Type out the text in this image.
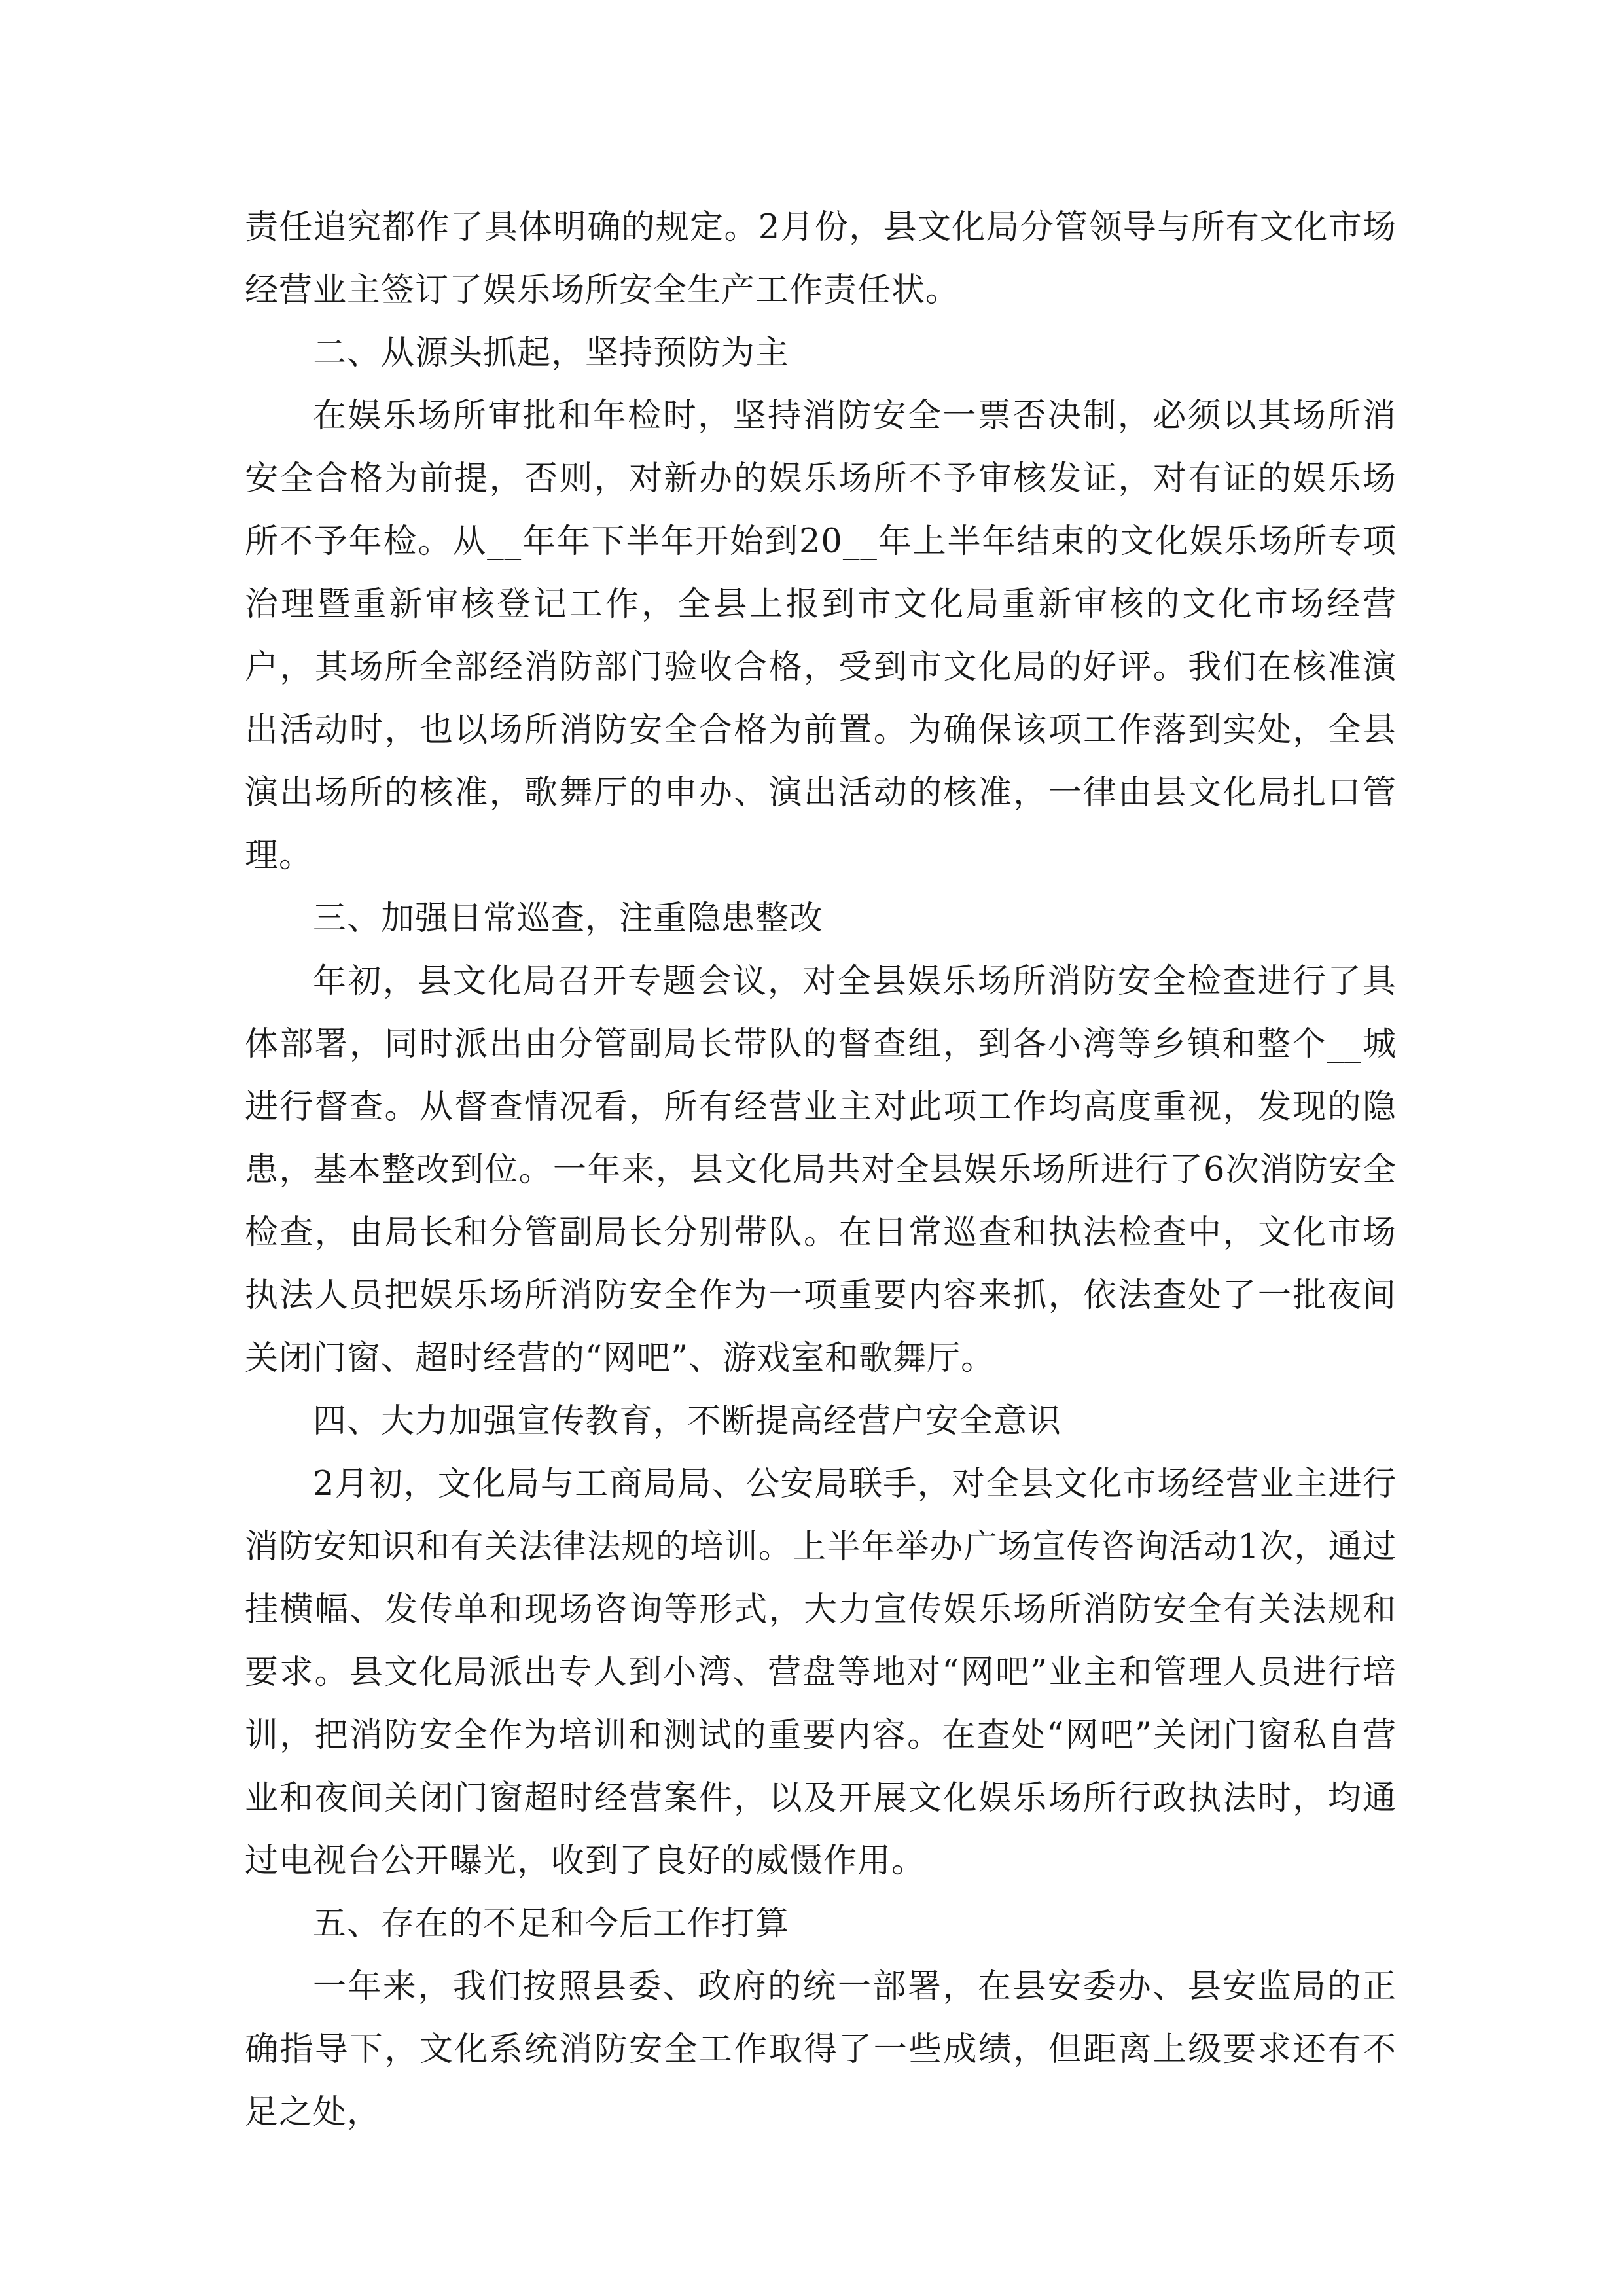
责任追究都作了具体明确的规定。2月份，县文化局分管领导与所有文化市场经营业主签订了娱乐场所安全生产工作责任状。

二、从源头抓起，坚持预防为主

在娱乐场所审批和年检时，坚持消防安全一票否决制，必须以其场所消安全合格为前提，否则，对新办的娱乐场所不予审核发证，对有证的娱乐场所不予年检。从__年年下半年开始到20__年上半年结束的文化娱乐场所专项治理暨重新审核登记工作，全县上报到市文化局重新审核的文化市场经营户，其场所全部经消防部门验收合格，受到市文化局的好评。我们在核准演出活动时，也以场所消防安全合格为前置。为确保该项工作落到实处，全县演出场所的核准，歌舞厅的申办、演出活动的核准，一律由县文化局扎口管理。

三、加强日常巡查，注重隐患整改

年初，县文化局召开专题会议，对全县娱乐场所消防安全检查进行了具体部署，同时派出由分管副局长带队的督查组，到各小湾等乡镇和整个__城进行督查。从督查情况看，所有经营业主对此项工作均高度重视，发现的隐患，基本整改到位。一年来，县文化局共对全县娱乐场所进行了6次消防安全检查，由局长和分管副局长分别带队。在日常巡查和执法检查中，文化市场执法人员把娱乐场所消防安全作为一项重要内容来抓，依法查处了一批夜间关闭门窗、超时经营的“网吧”、游戏室和歌舞厅。

四、大力加强宣传教育，不断提高经营户安全意识

2月初，文化局与工商局局、公安局联手，对全县文化市场经营业主进行消防安知识和有关法律法规的培训。上半年举办广场宣传咨询活动1次，通过挂横幅、发传单和现场咨询等形式，大力宣传娱乐场所消防安全有关法规和要求。县文化局派出专人到小湾、营盘等地对“网吧”业主和管理人员进行培训，把消防安全作为培训和测试的重要内容。在查处“网吧”关闭门窗私自营业和夜间关闭门窗超时经营案件，以及开展文化娱乐场所行政执法时，均通过电视台公开曝光，收到了良好的威慑作用。

五、存在的不足和今后工作打算

一年来，我们按照县委、政府的统一部署，在县安委办、县安监局的正确指导下，文化系统消防安全工作取得了一些成绩，但距离上级要求还有不足之处，
